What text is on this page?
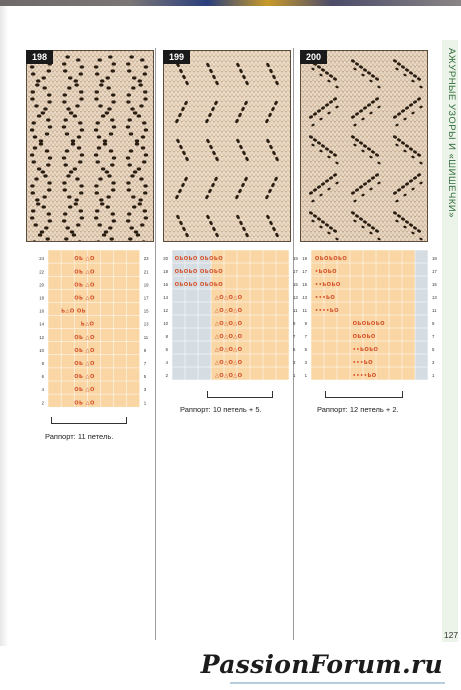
198	199	200
24	23
ОЬ △О
22	21
ОЬ △О
20	19
ОЬ △О
18	17
ОЬ △О
16	15
Ь△О ОЬ
14	13
Ь△О
12	11
ОЬ △О
10	9
ОЬ △О
8	7
ОЬ △О
6	5
ОЬ △О
4	3
ОЬ △О
2	1
ОЬ △О
20	19
ОЬОЬО ОЬОЬО
18	17
ОЬОЬО ОЬОЬО
16	15
ОЬОЬО ОЬОЬО
14	13
△О△О△О
12	11
△О△О△О
10	9
△О△О△О
8	7
△О△О△О
6	5
△О△О△О
4	3
△О△О△О
2	1
△О△О△О
19	19
ОЬОЬОЬО
17	17
•ЬОЬО
15	15
••ЬОЬО
13	13
•••ЬО
11	11
••••ЬО
9	9
ОЬОЬОЬО
7	7
ОЬОЬО
5	5
••ЬОЬО
3	3
•••ЬО
1	1
••••ЬО
Раппорт: 11 петель.
Раппорт: 10 петель + 5.	Раппорт: 12 петель + 2.
АЖУРНЫЕ УЗОРЫ И «ШИШЕЧКИ»
127
PassionForum.ru
